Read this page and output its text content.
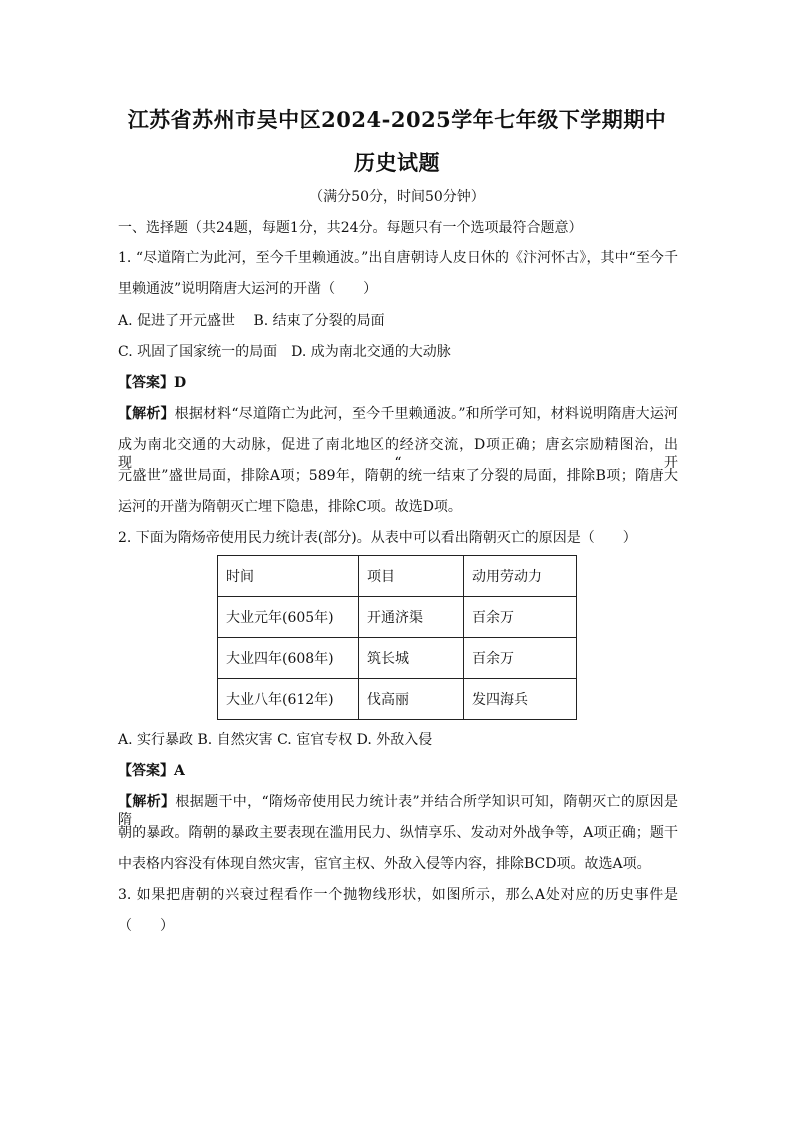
江苏省苏州市吴中区2024-2025学年七年级下学期期中
历史试题
（满分50分，时间50分钟）
一、选择题（共24题，每题1分，共24分。每题只有一个选项最符合题意）
1. “尽道隋亡为此河，至今千里赖通波。”出自唐朝诗人皮日休的《汴河怀古》，其中“至今千
里赖通波”说明隋唐大运河的开凿（　　）
A. 促进了开元盛世　 B. 结束了分裂的局面
C. 巩固了国家统一的局面　D. 成为南北交通的大动脉
【答案】D
【解析】根据材料“尽道隋亡为此河，至今千里赖通波。”和所学可知，材料说明隋唐大运河
成为南北交通的大动脉，促进了南北地区的经济交流，D项正确；唐玄宗励精图治，出现“开
元盛世”盛世局面，排除A项；589年，隋朝的统一结束了分裂的局面，排除B项；隋唐大
运河的开凿为隋朝灭亡埋下隐患，排除C项。故选D项。
2. 下面为隋炀帝使用民力统计表(部分)。从表中可以看出隋朝灭亡的原因是（　　）
时间	项目	动用劳动力
大业元年(605年)	开通济渠	百余万
大业四年(608年)	筑长城	百余万
大业八年(612年)	伐高丽	发四海兵
A. 实行暴政 B. 自然灾害 C. 宦官专权 D. 外敌入侵
【答案】A
【解析】根据题干中，“隋炀帝使用民力统计表”并结合所学知识可知，隋朝灭亡的原因是隋
朝的暴政。隋朝的暴政主要表现在滥用民力、纵情享乐、发动对外战争等，A项正确；题干
中表格内容没有体现自然灾害，宦官主权、外敌入侵等内容，排除BCD项。故选A项。
3. 如果把唐朝的兴衰过程看作一个抛物线形状，如图所示，那么A处对应的历史事件是
（　　）
